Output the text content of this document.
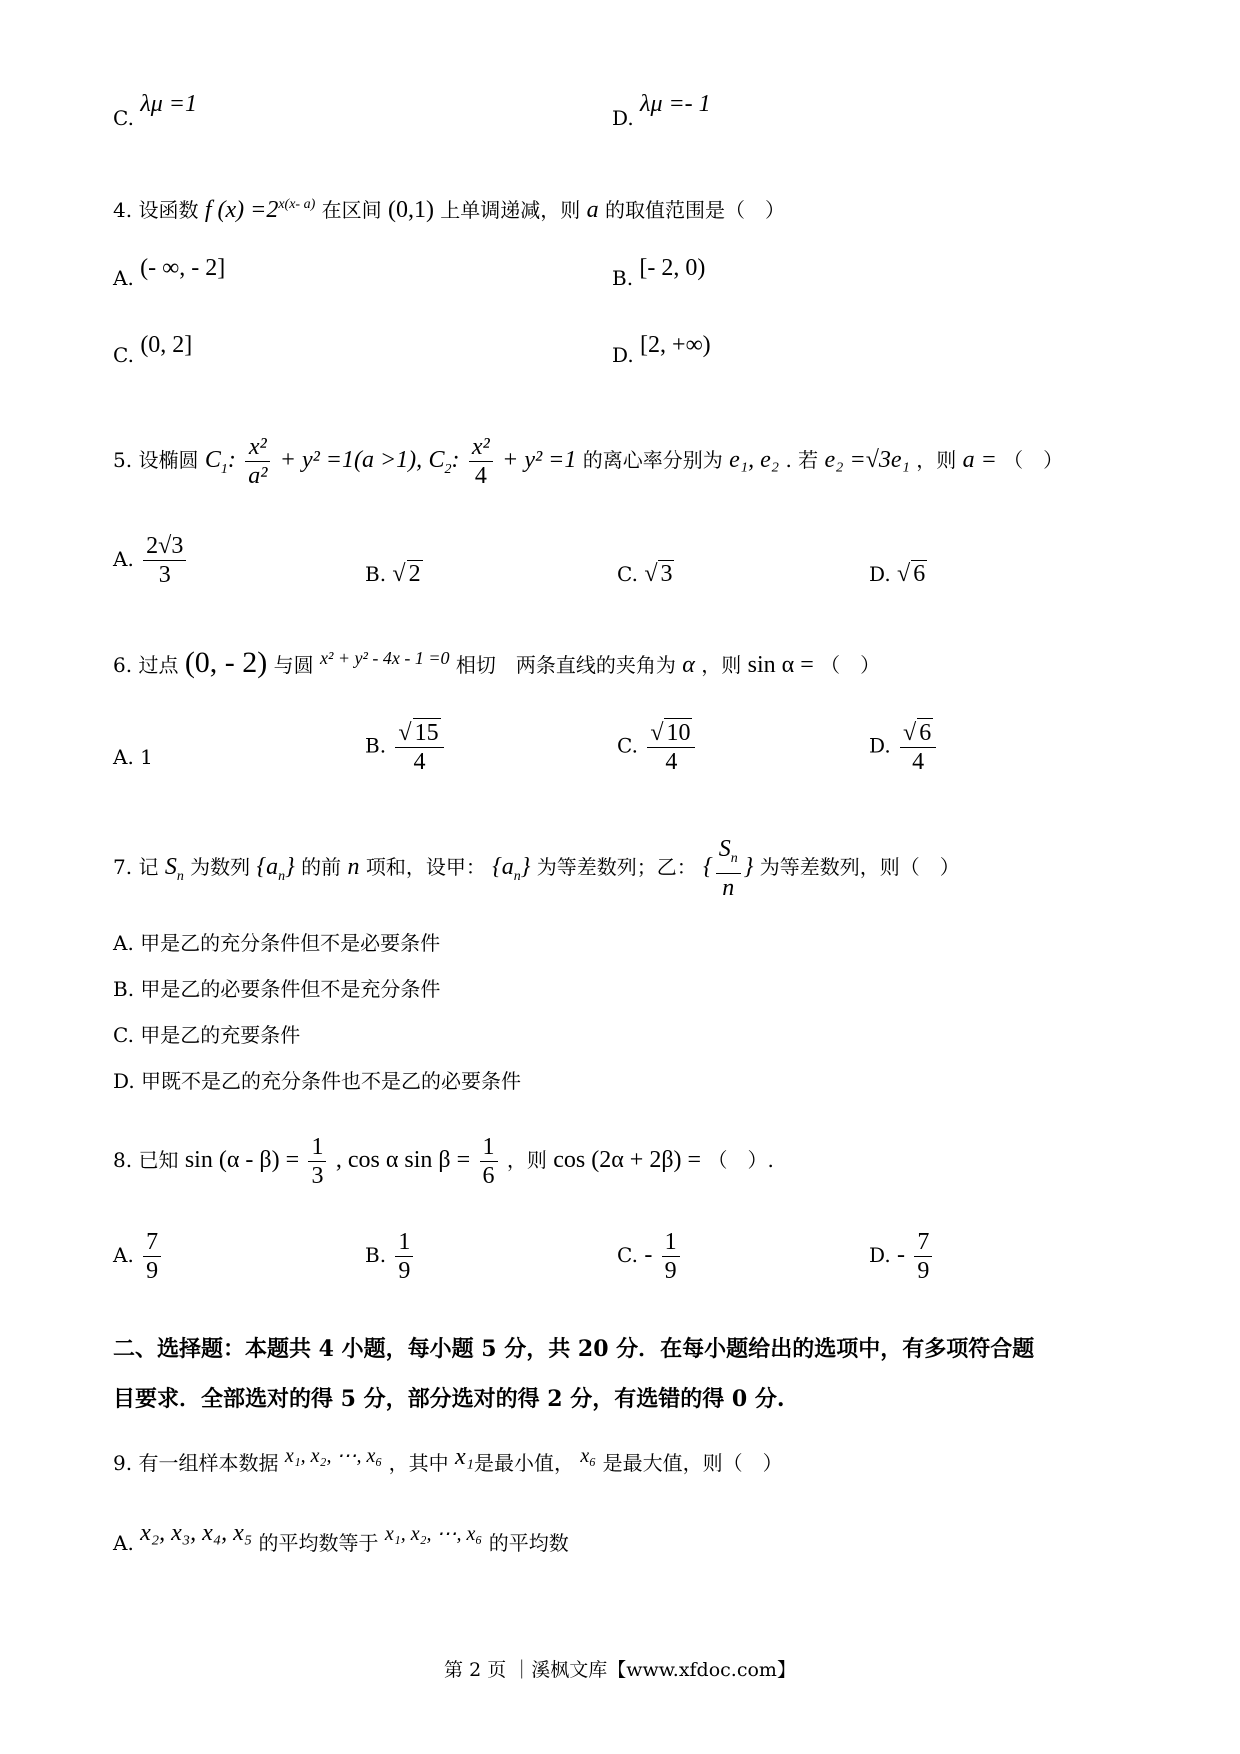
C. λμ =1
D. λμ =- 1
4. 设函数 f $(x) =2^{x(x- a)}$ 在区间 (0,1) 上单调递减，则 a 的取值范围是（　）
A. (- ∞, - 2]	B. [- 2, 0)
C. (0, 2]	D. [2, +∞)
5. 设椭圆 $C_1$: $\frac{\text{x²}}{\text{a²}} + y^2 =1(a >1)$, $C_2$: $\frac{\text{x²}}{4} + y^2 =1$ 的离心率分别为 e₁, e₂ . 若 e₂ =√3e₁ ，则 a = （　）
A. $\frac{2√3}{3}$	B. √ 2	C. √ 3	D. √ 6
6. 过点 (0, - 2) 与圆 x² + y² - 4x - 1 =0 相切　两条直线的夹角为 α ，则 sin α = （　）
A. 1	B. $\frac{√ 15}{4}$	C. $\frac{√ 10}{4}$	D. $\frac{√ 6}{4}$
7. 记 $S_n$ 为数列 $\{a_n\}$ 的前 n 项和，设甲： $\{a_n\}$ 为等差数列；乙： { $\frac{S_n}{n}$ } 为等差数列，则（　）
A. 甲是乙的充分条件但不是必要条件
B. 甲是乙的必要条件但不是充分条件
C. 甲是乙的充要条件
D. 甲既不是乙的充分条件也不是乙的必要条件
8. 已知 $\sin (\alpha - \beta) = \frac{1}{3}$ , cos α $\sin \beta = \frac{1}{6}$ ，则 cos (2α + 2β) = （　）.
A. $\frac{7}{9}$	B. $\frac{1}{9}$	C. - $\frac{1}{9}$	D. - $\frac{7}{9}$
二、选择题：本题共 4 小题，每小题 5 分，共 20 分．在每小题给出的选项中，有多项符合题
目要求．全部选对的得 5 分，部分选对的得 2 分，有选错的得 0 分.
9. 有一组样本数据 x₁, x₂, ⋯, x₆ ，其中 x₁是最小值， x₆ 是最大值，则（　）
A. x₂, x₃, x₄, x₅ 的平均数等于 x₁, x₂, ⋯, x₆ 的平均数
第 2 页 ｜溪枫文库【www.xfdoc.com】
